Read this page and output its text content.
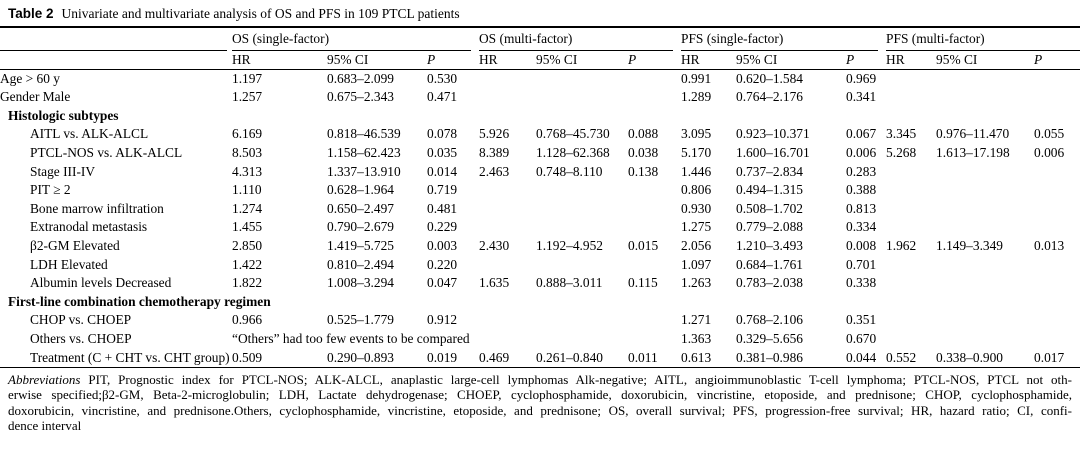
Table 2 Univariate and multivariate analysis of OS and PFS in 109 PTCL patients

	OS (single-factor)			OS (multi-factor)			PFS (single-factor)			PFS (multi-factor)		

	HR	95% CI	P	HR	95% CI	P	HR	95% CI	P	HR	95% CI	P
Age > 60 y	1.197	0.683–2.099	0.530				0.991	0.620–1.584	0.969			
Gender Male	1.257	0.675–2.343	0.471				1.289	0.764–2.176	0.341			
Histologic subtypes												
AITL vs. ALK-ALCL	6.169	0.818–46.539	0.078	5.926	0.768–45.730	0.088	3.095	0.923–10.371	0.067	3.345	0.976–11.470	0.055
PTCL-NOS vs. ALK-ALCL	8.503	1.158–62.423	0.035	8.389	1.128–62.368	0.038	5.170	1.600–16.701	0.006	5.268	1.613–17.198	0.006
Stage III-IV	4.313	1.337–13.910	0.014	2.463	0.748–8.110	0.138	1.446	0.737–2.834	0.283			
PIT ≥ 2	1.110	0.628–1.964	0.719				0.806	0.494–1.315	0.388			
Bone marrow infiltration	1.274	0.650–2.497	0.481				0.930	0.508–1.702	0.813			
Extranodal metastasis	1.455	0.790–2.679	0.229				1.275	0.779–2.088	0.334			
β2-GM Elevated	2.850	1.419–5.725	0.003	2.430	1.192–4.952	0.015	2.056	1.210–3.493	0.008	1.962	1.149–3.349	0.013
LDH Elevated	1.422	0.810–2.494	0.220				1.097	0.684–1.761	0.701			
Albumin levels Decreased	1.822	1.008–3.294	0.047	1.635	0.888–3.011	0.115	1.263	0.783–2.038	0.338			
First-line combination chemotherapy regimen												
CHOP vs. CHOEP	0.966	0.525–1.779	0.912				1.271	0.768–2.106	0.351			
Others vs. CHOEP	“Others” had too few events to be compared						1.363	0.329–5.656	0.670			
Treatment (C + CHT vs. CHT group)	0.509	0.290–0.893	0.019	0.469	0.261–0.840	0.011	0.613	0.381–0.986	0.044	0.552	0.338–0.900	0.017
Abbreviations PIT, Prognostic index for PTCL-NOS; ALK-ALCL, anaplastic large-cell lymphomas Alk-negative; AITL, angioimmunoblastic T-cell lymphoma; PTCL-NOS, PTCL not oth-
erwise specified;β2-GM, Beta-2-microglobulin; LDH, Lactate dehydrogenase; CHOEP, cyclophosphamide, doxorubicin, vincristine, etoposide, and prednisone; CHOP, cyclophosphamide,
doxorubicin, vincristine, and prednisone.Others, cyclophosphamide, vincristine, etoposide, and prednisone; OS, overall survival; PFS, progression-free survival; HR, hazard ratio; CI, confi-
dence interval
